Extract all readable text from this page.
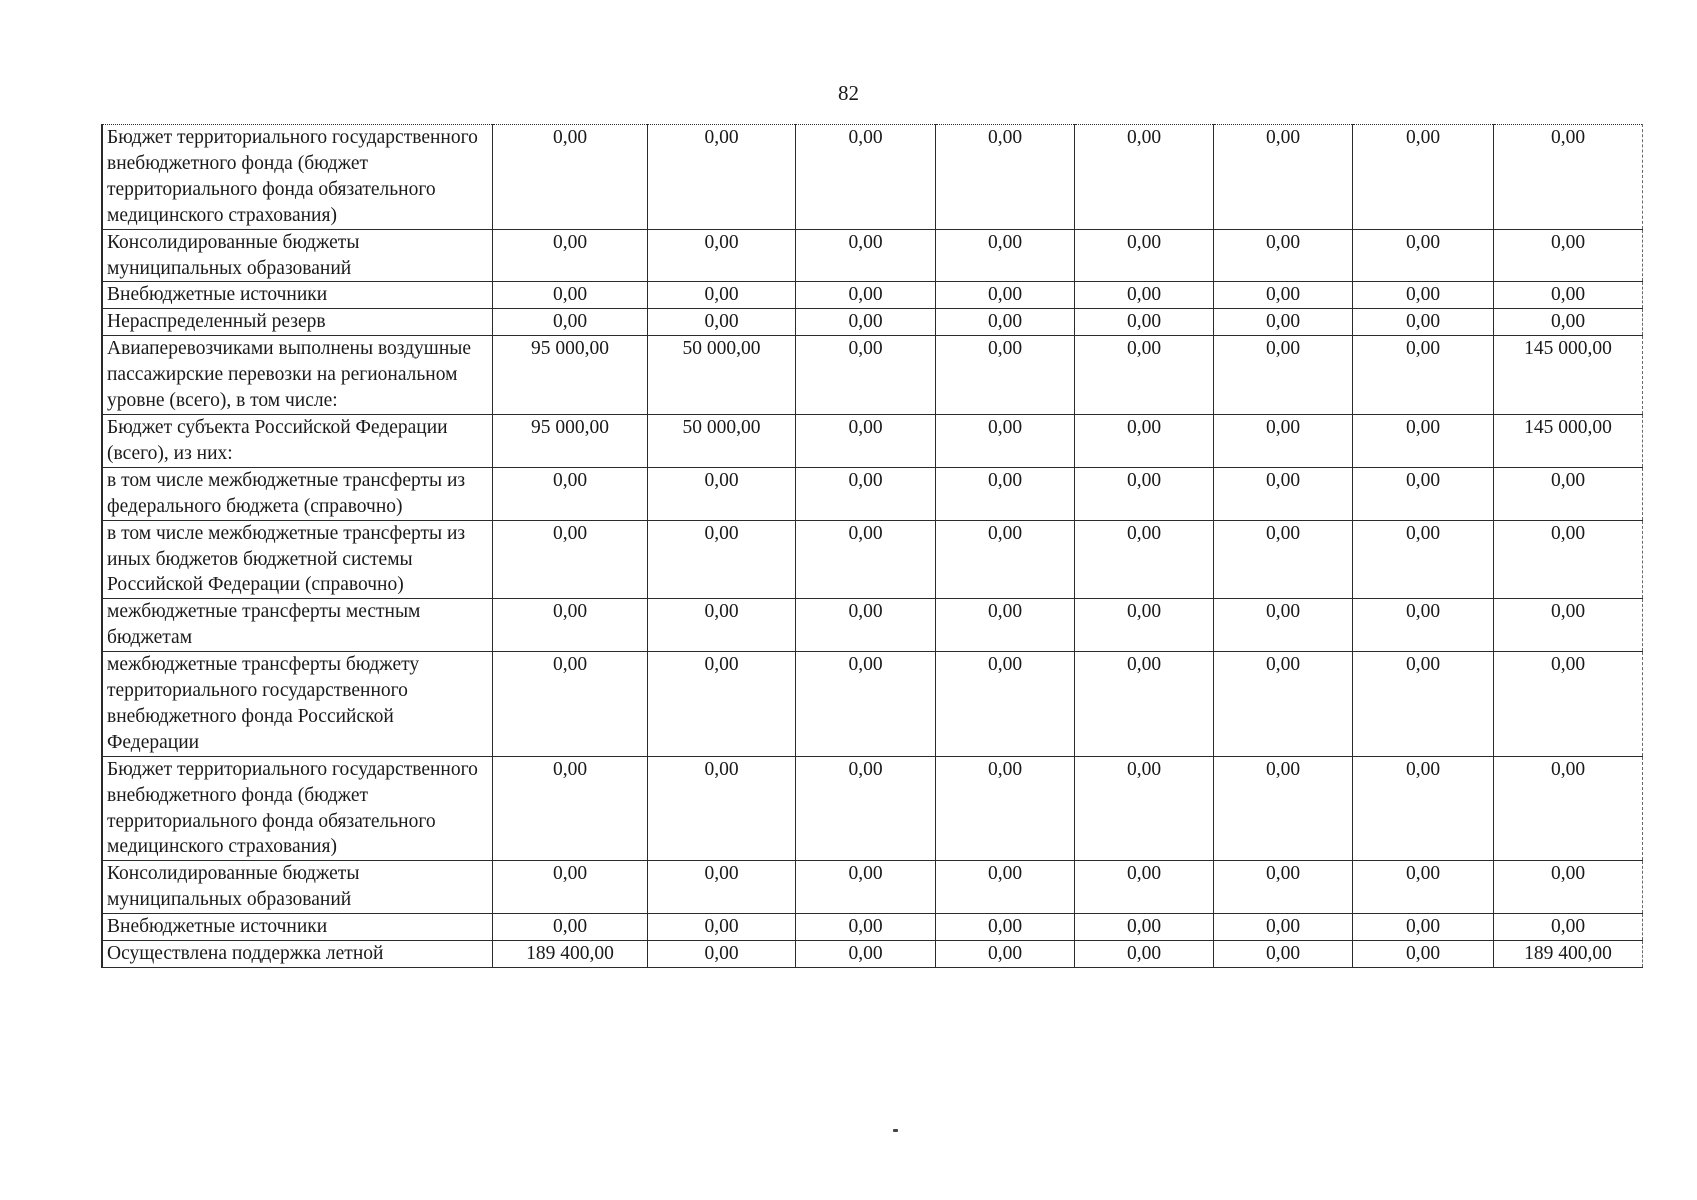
82
Бюджет территориального государственного внебюджетного фонда (бюджет территориального фонда обязательного медицинского страхования)	0,00	0,00	0,00	0,00	0,00	0,00	0,00	0,00
Консолидированные бюджеты муниципальных образований	0,00	0,00	0,00	0,00	0,00	0,00	0,00	0,00
Внебюджетные источники	0,00	0,00	0,00	0,00	0,00	0,00	0,00	0,00
Нераспределенный резерв	0,00	0,00	0,00	0,00	0,00	0,00	0,00	0,00
Авиаперевозчиками выполнены воздушные пассажирские перевозки на региональном уровне (всего), в том числе:	95 000,00	50 000,00	0,00	0,00	0,00	0,00	0,00	145 000,00
Бюджет субъекта Российской Федерации (всего), из них:	95 000,00	50 000,00	0,00	0,00	0,00	0,00	0,00	145 000,00
в том числе межбюджетные трансферты из федерального бюджета (справочно)	0,00	0,00	0,00	0,00	0,00	0,00	0,00	0,00
в том числе межбюджетные трансферты из иных бюджетов бюджетной системы Российской Федерации (справочно)	0,00	0,00	0,00	0,00	0,00	0,00	0,00	0,00
межбюджетные трансферты местным бюджетам	0,00	0,00	0,00	0,00	0,00	0,00	0,00	0,00
межбюджетные трансферты бюджету территориального государственного внебюджетного фонда Российской Федерации	0,00	0,00	0,00	0,00	0,00	0,00	0,00	0,00
Бюджет территориального государственного внебюджетного фонда (бюджет территориального фонда обязательного медицинского страхования)	0,00	0,00	0,00	0,00	0,00	0,00	0,00	0,00
Консолидированные бюджеты муниципальных образований	0,00	0,00	0,00	0,00	0,00	0,00	0,00	0,00
Внебюджетные источники	0,00	0,00	0,00	0,00	0,00	0,00	0,00	0,00
Осуществлена поддержка летной	189 400,00	0,00	0,00	0,00	0,00	0,00	0,00	189 400,00
